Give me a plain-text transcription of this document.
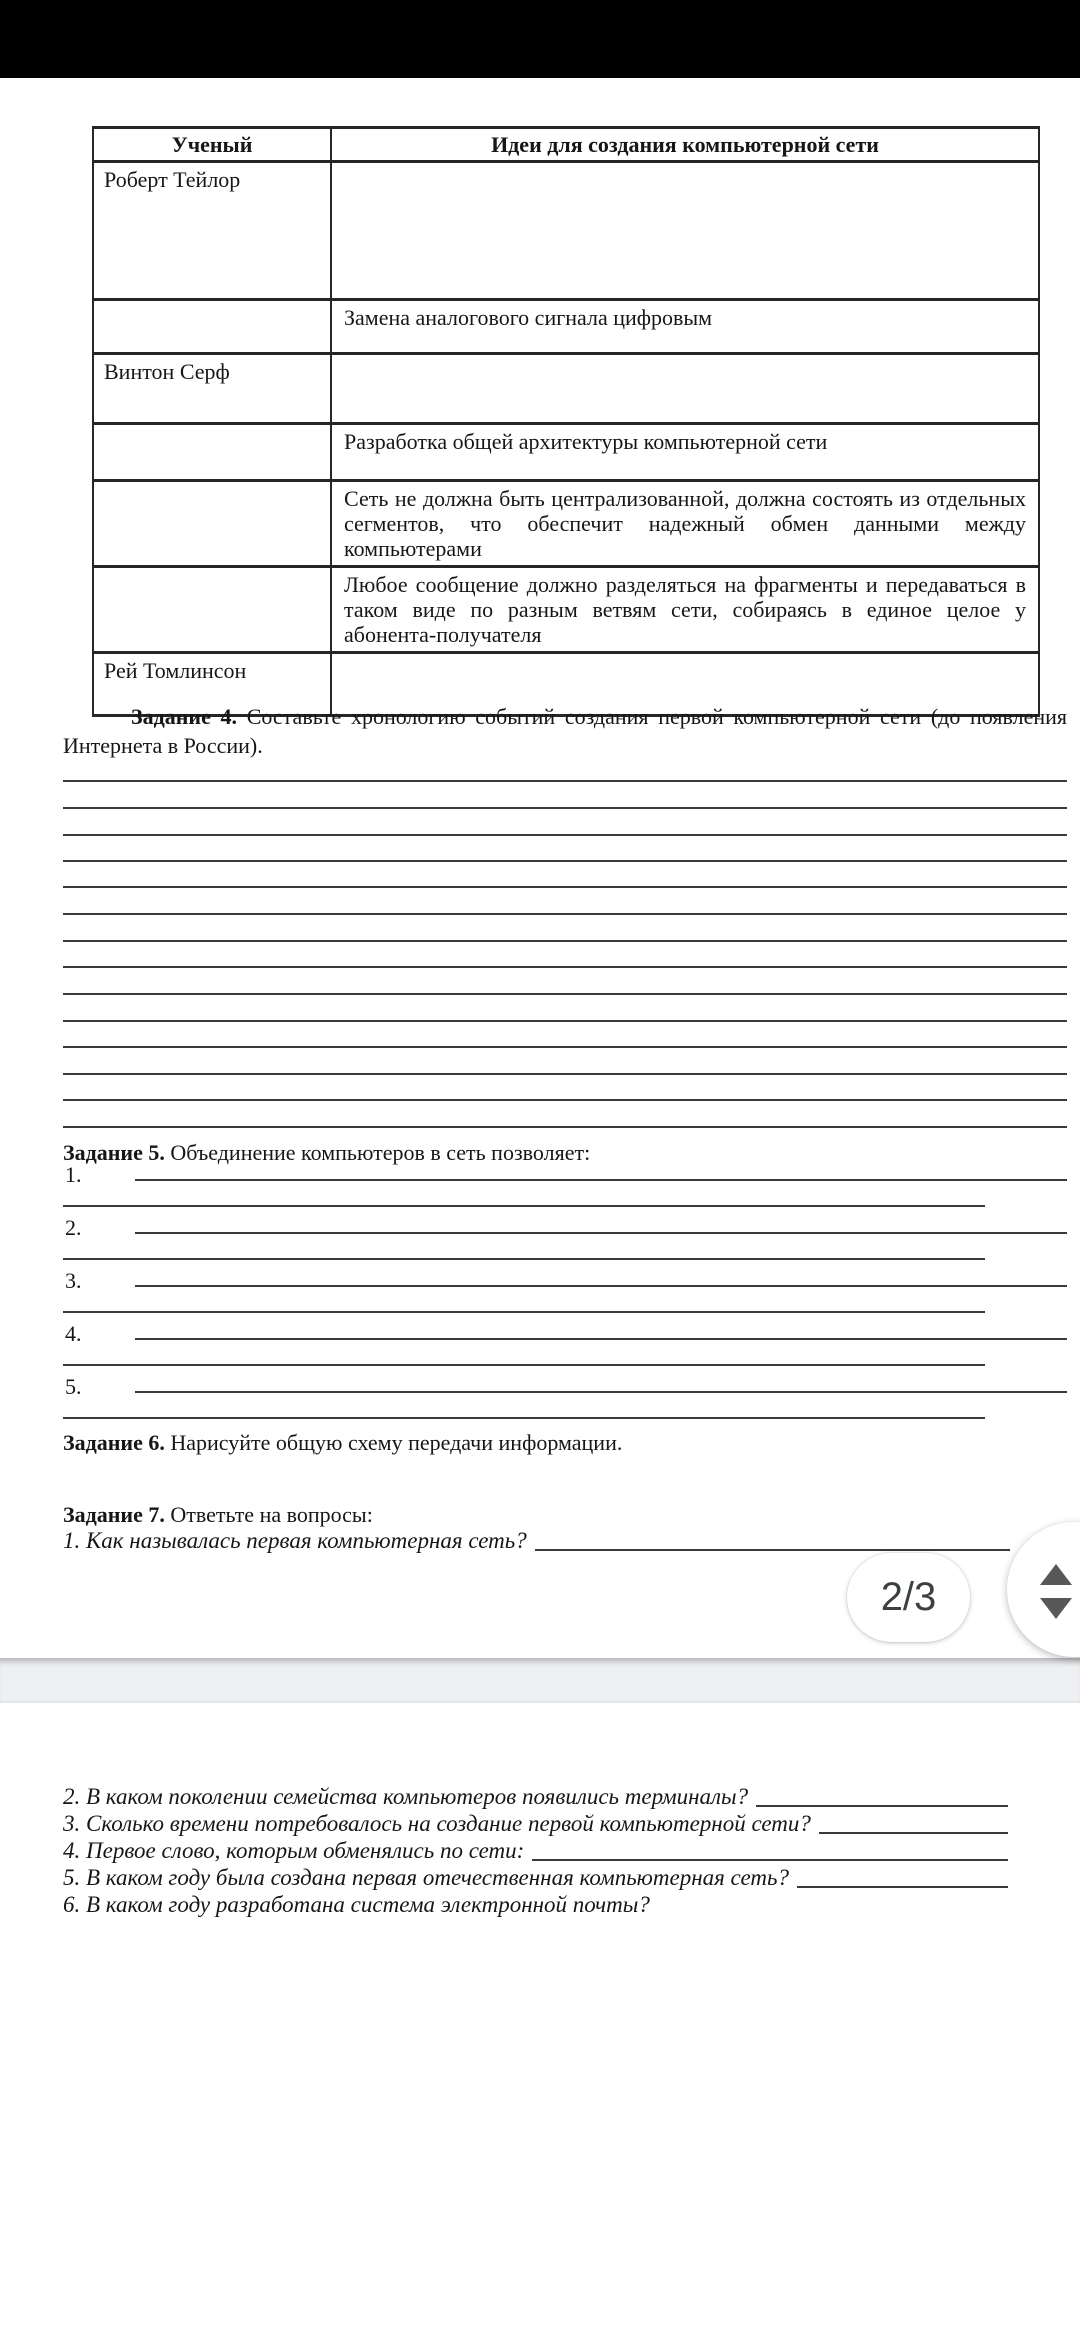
Ученый	Идеи для создания компьютерной сети
Роберт Тейлор	
	Замена аналогового сигнала цифровым
Винтон Серф	
	Разработка общей архитектуры компьютерной сети
	Сеть не должна быть централизованной, должна состоять из отдельных сегментов, что обеспечит надежный обмен данными между компьютерами
	Любое сообщение должно разделяться на фрагменты и передаваться в таком виде по разным ветвям сети, собираясь в единое целое у абонента-получателя
Рей Томлинсон	
Задание 4. Составьте хронологию событий создания первой компьютерной сети (до появления Интернета в России).
Задание 5. Объединение компьютеров в сеть позволяет:
1.
2.
3.
4.
5.
Задание 6. Нарисуйте общую схему передачи информации.
Задание 7. Ответьте на вопросы:
1. Как называлась первая компьютерная сеть?
2. В каком поколении семейства компьютеров появились терминалы?
3. Сколько времени потребовалось на создание первой компьютерной сети?
4. Первое слово, которым обменялись по сети:
5. В каком году была создана первая отечественная компьютерная сеть?
6. В каком году разработана система электронной почты?
2/3
